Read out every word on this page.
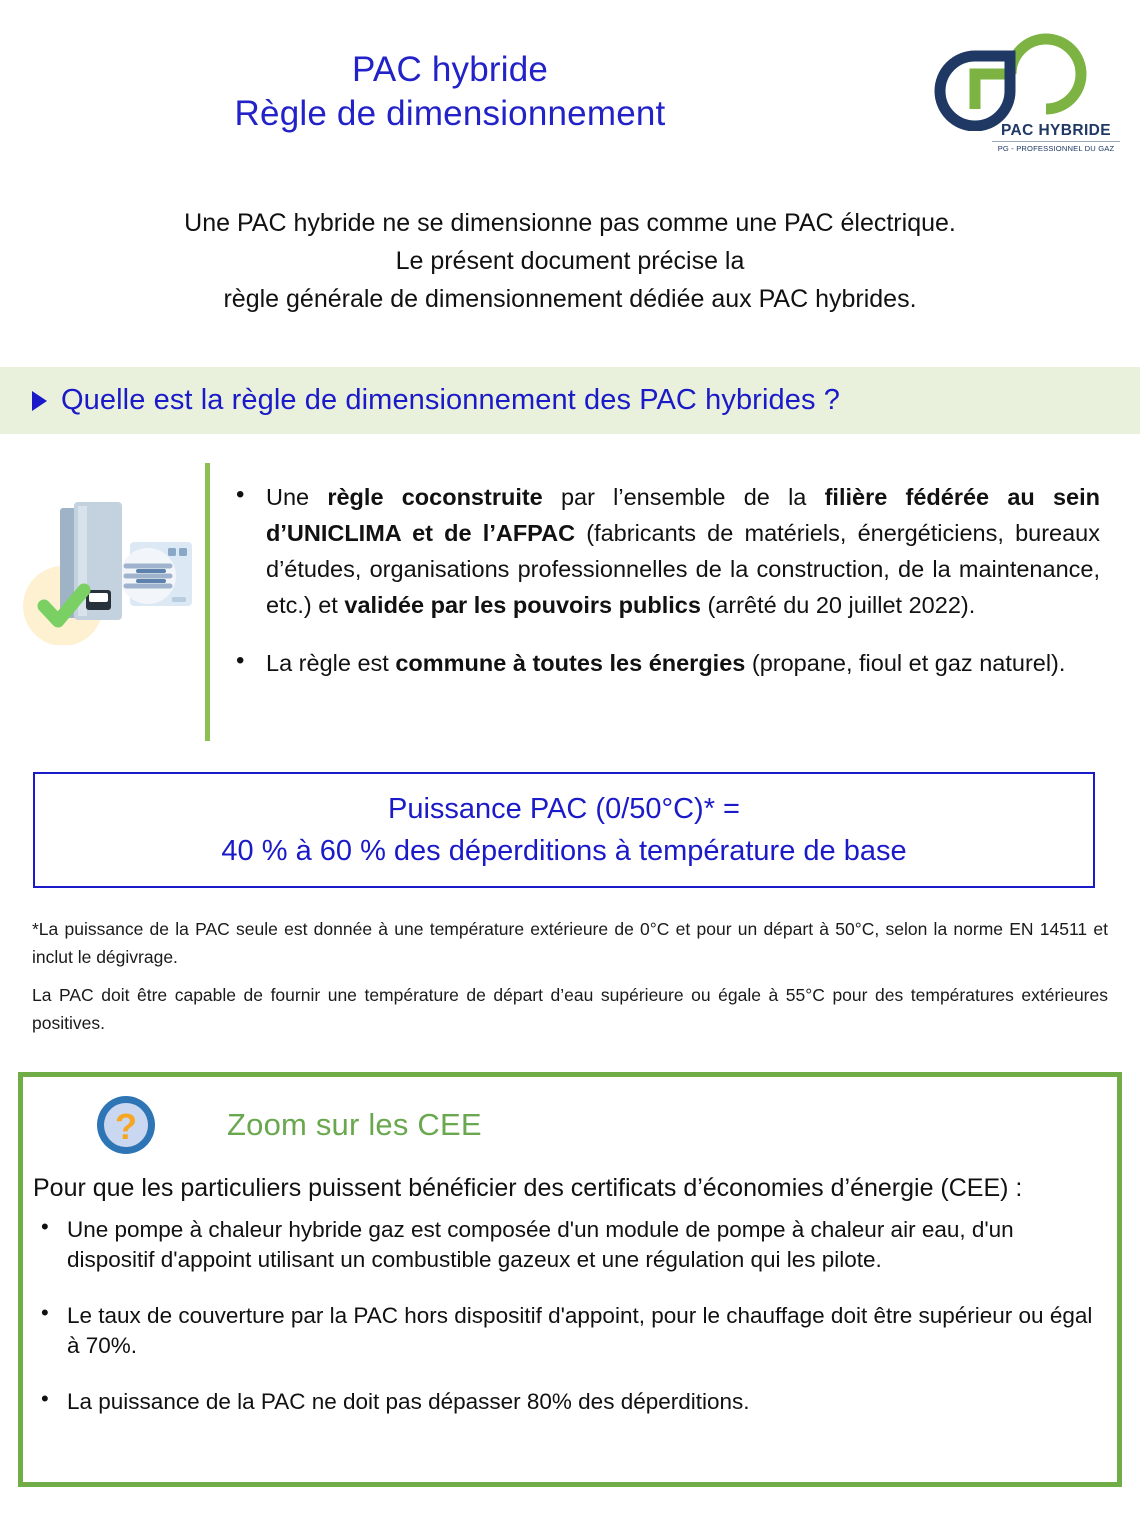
PAC hybride
Règle de dimensionnement	PAC HYBRIDE
PG - PROFESSIONNEL DU GAZ
Une PAC hybride ne se dimensionne pas comme une PAC électrique.
Le présent document précise la
règle générale de dimensionnement dédiée aux PAC hybrides.
Quelle est la règle de dimensionnement des PAC hybrides ?
• Une règle coconstruite par l’ensemble de la filière fédérée au sein d’UNICLIMA et de l’AFPAC (fabricants de matériels, énergéticiens, bureaux d’études, organisations professionnelles de la construction, de la maintenance, etc.) et validée par les pouvoirs publics (arrêté du 20 juillet 2022).
• La règle est commune à toutes les énergies (propane, fioul et gaz naturel).
Puissance PAC (0/50°C)* =
40 % à 60 % des déperditions à température de base

*La puissance de la PAC seule est donnée à une température extérieure de 0°C et pour un départ à 50°C, selon la norme EN 14511 et inclut le dégivrage.

La PAC doit être capable de fournir une température de départ d’eau supérieure ou égale à 55°C pour des températures extérieures positives.

?	Zoom sur les CEE
Pour que les particuliers puissent bénéficier des certificats d’économies d’énergie (CEE) :
• Une pompe à chaleur hybride gaz est composée d'un module de pompe à chaleur air eau, d'un dispositif d'appoint utilisant un combustible gazeux et une régulation qui les pilote.
• Le taux de couverture par la PAC hors dispositif d'appoint, pour le chauffage doit être supérieur ou égal à 70%.
• La puissance de la PAC ne doit pas dépasser 80% des déperditions.
